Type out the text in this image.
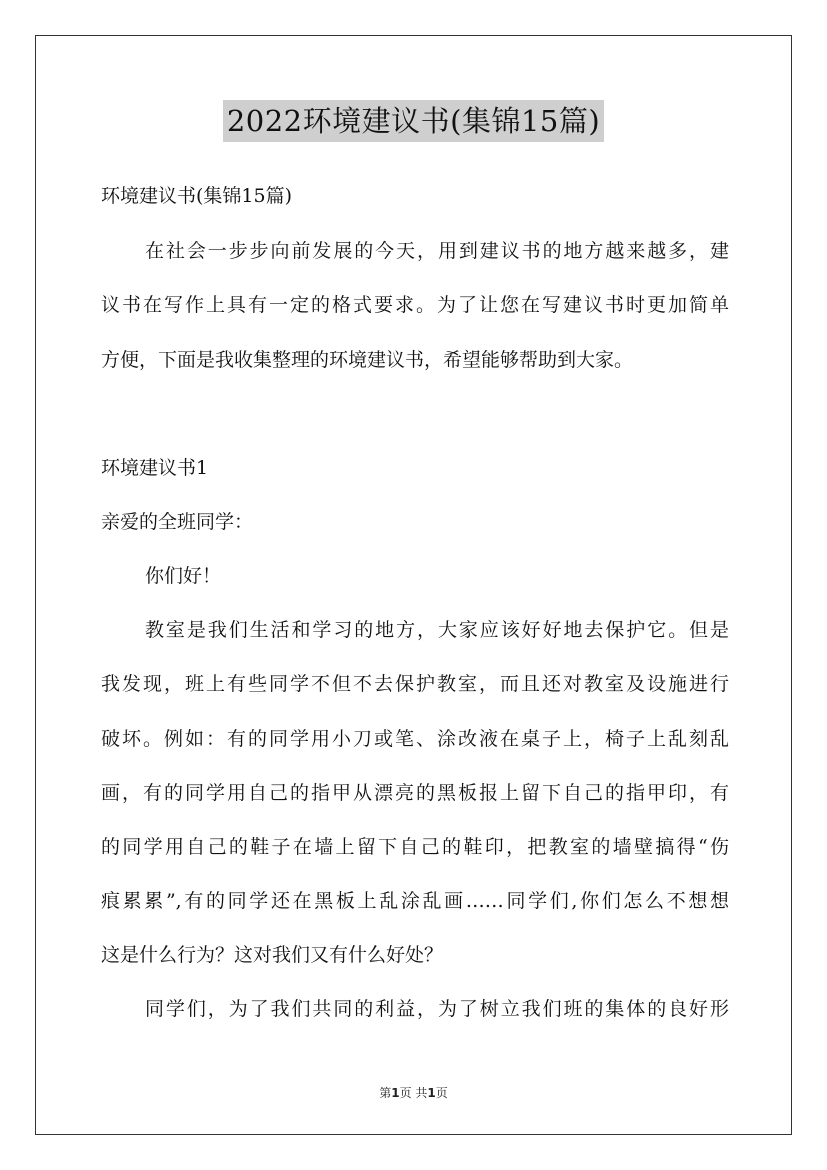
2022环境建议书(集锦15篇)
环境建议书(集锦15篇)
在社会一步步向前发展的今天，用到建议书的地方越来越多，建
议书在写作上具有一定的格式要求。为了让您在写建议书时更加简单
方便，下面是我收集整理的环境建议书，希望能够帮助到大家。
环境建议书1
亲爱的全班同学：
你们好！
教室是我们生活和学习的地方，大家应该好好地去保护它。但是
我发现，班上有些同学不但不去保护教室，而且还对教室及设施进行
破坏。例如：有的同学用小刀或笔、涂改液在桌子上，椅子上乱刻乱
画，有的同学用自己的指甲从漂亮的黑板报上留下自己的指甲印，有
的同学用自己的鞋子在墙上留下自己的鞋印，把教室的墙壁搞得“伤
痕累累”,有的同学还在黑板上乱涂乱画……同学们,你们怎么不想想
这是什么行为？这对我们又有什么好处？
同学们，为了我们共同的利益，为了树立我们班的集体的良好形
第1页 共1页
